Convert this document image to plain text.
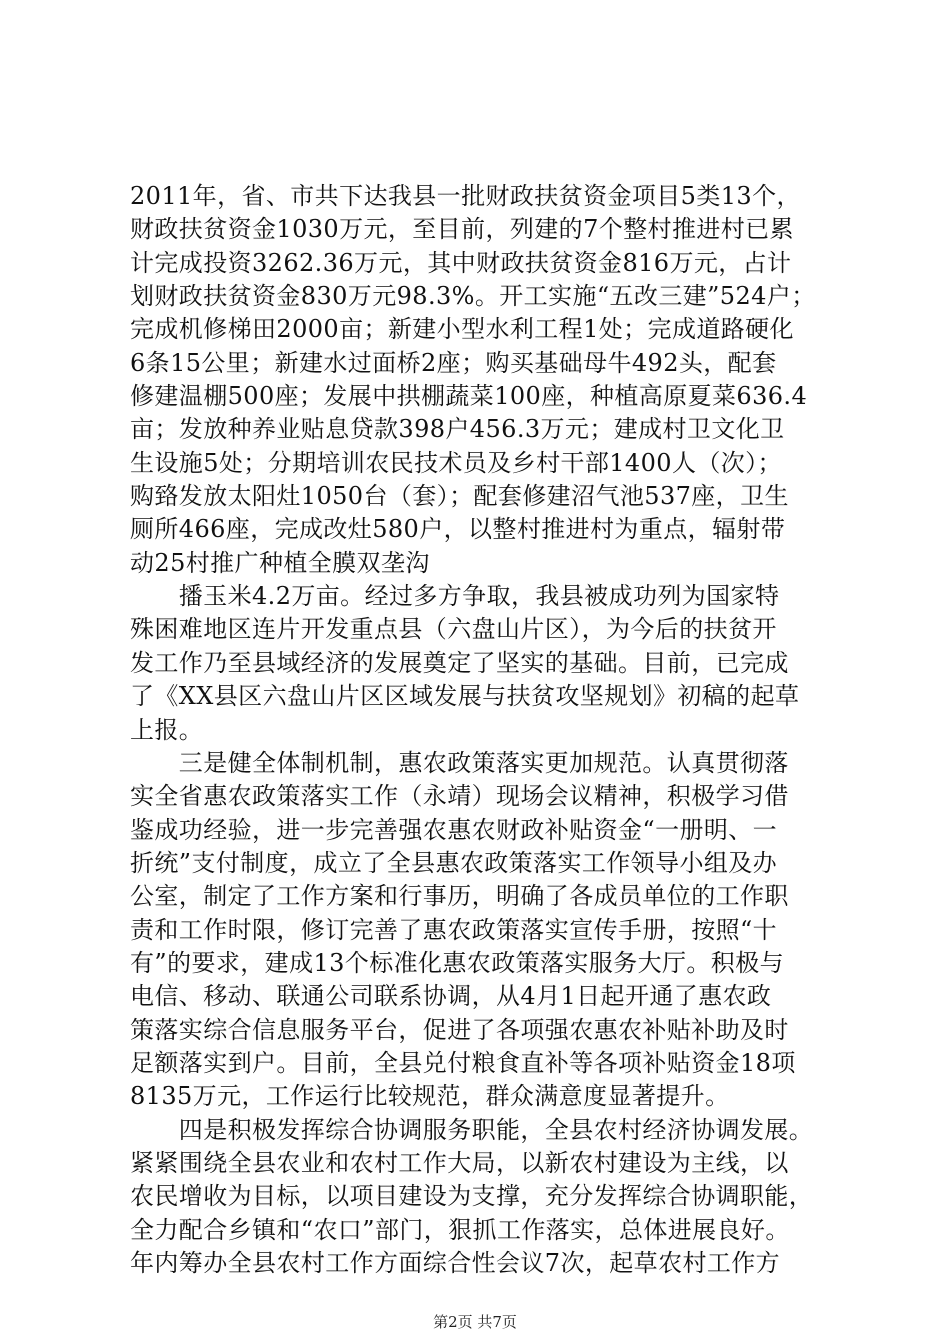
2011年，省、市共下达我县一批财政扶贫资金项目5类13个，
财政扶贫资金1030万元，至目前，列建的7个整村推进村已累
计完成投资3262.36万元，其中财政扶贫资金816万元，占计
划财政扶贫资金830万元98.3%。开工实施“五改三建”524户；
完成机修梯田2000亩；新建小型水利工程1处；完成道路硬化
6条15公里；新建水过面桥2座；购买基础母牛492头，配套
修建温棚500座；发展中拱棚蔬菜100座，种植高原夏菜636.4
亩；发放种养业贴息贷款398户456.3万元；建成村卫文化卫
生设施5处；分期培训农民技术员及乡村干部1400人（次）；
购臵发放太阳灶1050台（套）；配套修建沼气池537座，卫生
厕所466座，完成改灶580户，以整村推进村为重点，辐射带
动25村推广种植全膜双垄沟
　　播玉米4.2万亩。经过多方争取，我县被成功列为国家特
殊困难地区连片开发重点县（六盘山片区），为今后的扶贫开
发工作乃至县域经济的发展奠定了坚实的基础。目前，已完成
了《XX县区六盘山片区区域发展与扶贫攻坚规划》初稿的起草
上报。
　　三是健全体制机制，惠农政策落实更加规范。认真贯彻落
实全省惠农政策落实工作（永靖）现场会议精神，积极学习借
鉴成功经验，进一步完善强农惠农财政补贴资金“一册明、一
折统”支付制度，成立了全县惠农政策落实工作领导小组及办
公室，制定了工作方案和行事历，明确了各成员单位的工作职
责和工作时限，修订完善了惠农政策落实宣传手册，按照“十
有”的要求，建成13个标准化惠农政策落实服务大厅。积极与
电信、移动、联通公司联系协调，从4月1日起开通了惠农政
策落实综合信息服务平台，促进了各项强农惠农补贴补助及时
足额落实到户。目前，全县兑付粮食直补等各项补贴资金18项
8135万元，工作运行比较规范，群众满意度显著提升。
　　四是积极发挥综合协调服务职能，全县农村经济协调发展。
紧紧围绕全县农业和农村工作大局，以新农村建设为主线，以
农民增收为目标，以项目建设为支撑，充分发挥综合协调职能，
全力配合乡镇和“农口”部门，狠抓工作落实，总体进展良好。
年内筹办全县农村工作方面综合性会议7次，起草农村工作方
第2页 共7页
